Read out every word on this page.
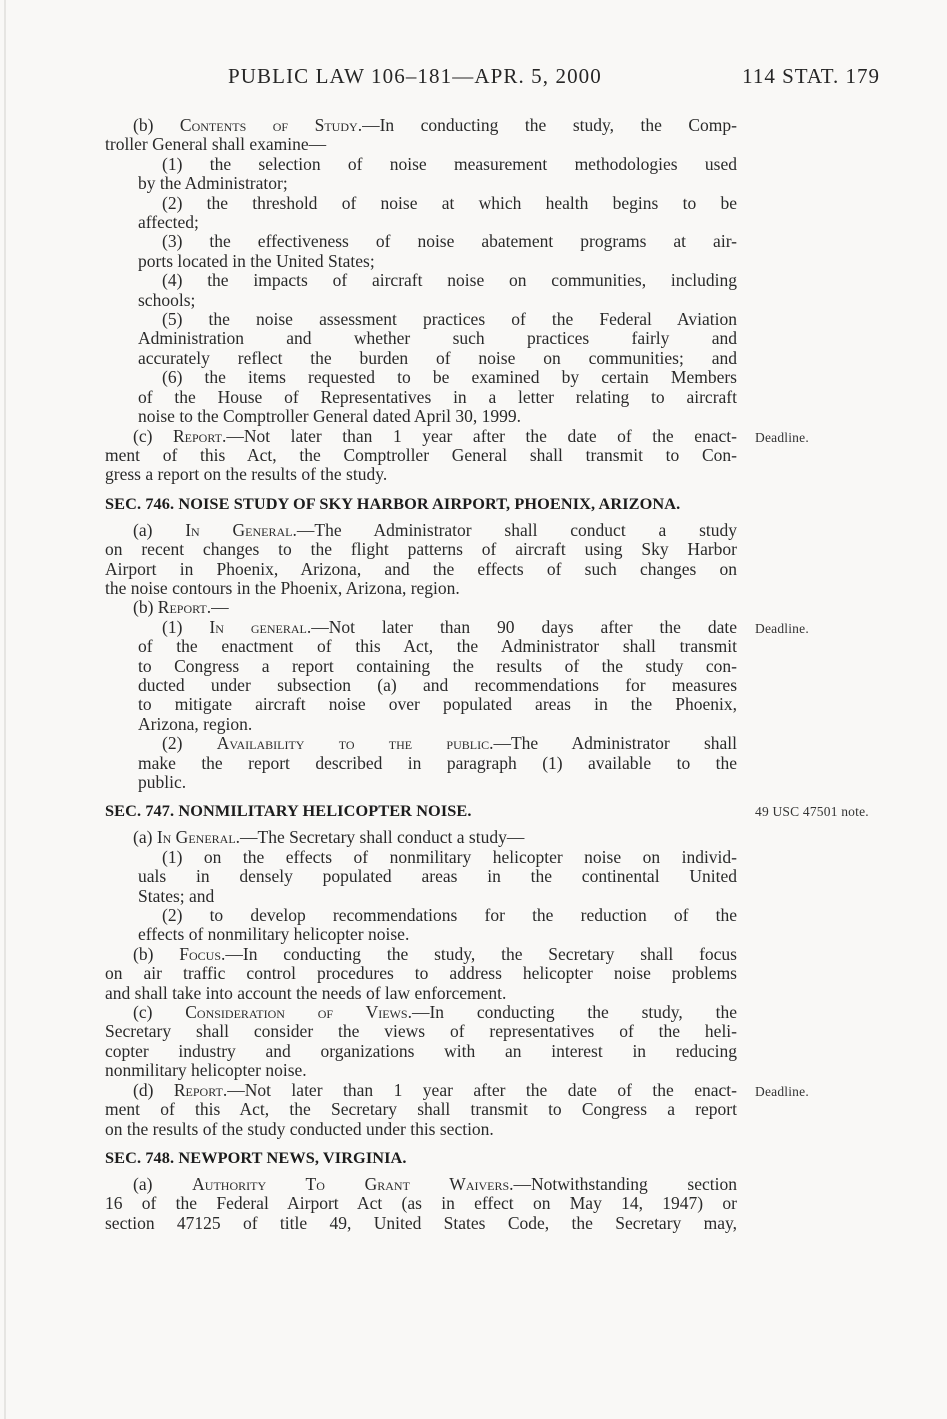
PUBLIC LAW 106–181—APR. 5, 2000	114 STAT. 179
(b) Contents of Study.—In conducting the study, the Comp-
troller General shall examine—
(1) the selection of noise measurement methodologies used
by the Administrator;
(2) the threshold of noise at which health begins to be
affected;
(3) the effectiveness of noise abatement programs at air-
ports located in the United States;
(4) the impacts of aircraft noise on communities, including
schools;
(5) the noise assessment practices of the Federal Aviation
Administration and whether such practices fairly and
accurately reflect the burden of noise on communities; and
(6) the items requested to be examined by certain Members
of the House of Representatives in a letter relating to aircraft
noise to the Comptroller General dated April 30, 1999.
(c) Report.—Not later than 1 year after the date of the enact- Deadline.
ment of this Act, the Comptroller General shall transmit to Con-
gress a report on the results of the study.
SEC. 746. NOISE STUDY OF SKY HARBOR AIRPORT, PHOENIX, ARIZONA.
(a) In General.—The Administrator shall conduct a study
on recent changes to the flight patterns of aircraft using Sky Harbor
Airport in Phoenix, Arizona, and the effects of such changes on
the noise contours in the Phoenix, Arizona, region.
(b) Report.—
(1) In general.—Not later than 90 days after the date Deadline.
of the enactment of this Act, the Administrator shall transmit
to Congress a report containing the results of the study con-
ducted under subsection (a) and recommendations for measures
to mitigate aircraft noise over populated areas in the Phoenix,
Arizona, region.
(2) Availability to the public.—The Administrator shall
make the report described in paragraph (1) available to the
public.
SEC. 747. NONMILITARY HELICOPTER NOISE.	49 USC 47501 note.
(a) In General.—The Secretary shall conduct a study—
(1) on the effects of nonmilitary helicopter noise on individ-
uals in densely populated areas in the continental United
States; and
(2) to develop recommendations for the reduction of the
effects of nonmilitary helicopter noise.
(b) Focus.—In conducting the study, the Secretary shall focus
on air traffic control procedures to address helicopter noise problems
and shall take into account the needs of law enforcement.
(c) Consideration of Views.—In conducting the study, the
Secretary shall consider the views of representatives of the heli-
copter industry and organizations with an interest in reducing
nonmilitary helicopter noise.
(d) Report.—Not later than 1 year after the date of the enact- Deadline.
ment of this Act, the Secretary shall transmit to Congress a report
on the results of the study conducted under this section.
SEC. 748. NEWPORT NEWS, VIRGINIA.
(a) Authority To Grant Waivers.—Notwithstanding section
16 of the Federal Airport Act (as in effect on May 14, 1947) or
section 47125 of title 49, United States Code, the Secretary may,
